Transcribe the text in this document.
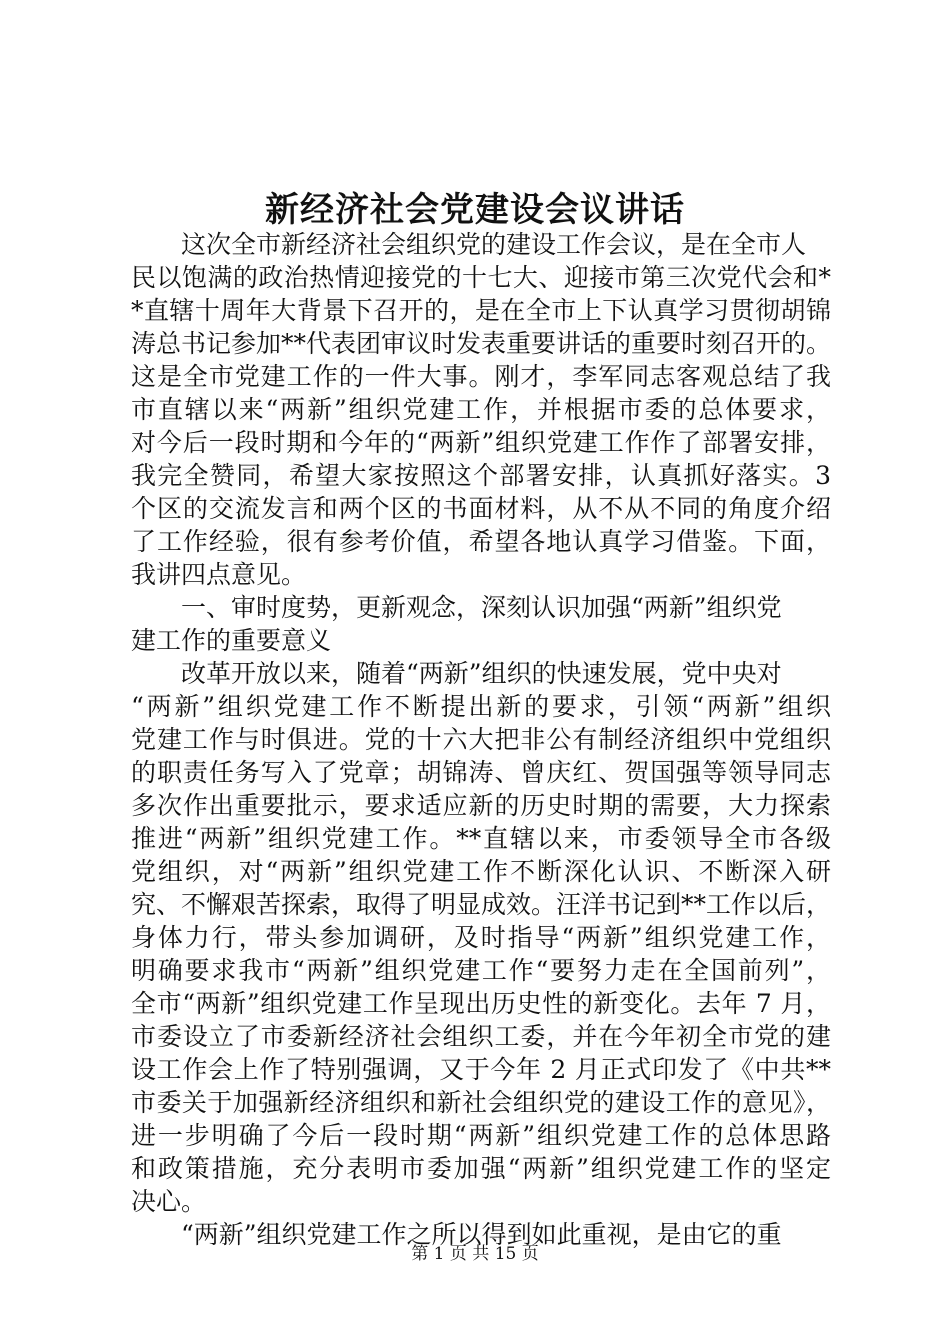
新经济社会党建设会议讲话
这次全市新经济社会组织党的建设工作会议，是在全市人
民以饱满的政治热情迎接党的十七大、迎接市第三次党代会和*
*直辖十周年大背景下召开的，是在全市上下认真学习贯彻胡锦
涛总书记参加**代表团审议时发表重要讲话的重要时刻召开的。
这是全市党建工作的一件大事。刚才，李军同志客观总结了我
市直辖以来“两新”组织党建工作，并根据市委的总体要求，
对今后一段时期和今年的“两新”组织党建工作作了部署安排，
我完全赞同，希望大家按照这个部署安排，认真抓好落实。3
个区的交流发言和两个区的书面材料，从不从不同的角度介绍
了工作经验，很有参考价值，希望各地认真学习借鉴。下面，
我讲四点意见。
一、审时度势，更新观念，深刻认识加强“两新”组织党
建工作的重要意义
改革开放以来，随着“两新”组织的快速发展，党中央对
“两新”组织党建工作不断提出新的要求，引领“两新”组织
党建工作与时俱进。党的十六大把非公有制经济组织中党组织
的职责任务写入了党章；胡锦涛、曾庆红、贺国强等领导同志
多次作出重要批示，要求适应新的历史时期的需要，大力探索
推进“两新”组织党建工作。**直辖以来，市委领导全市各级
党组织，对“两新”组织党建工作不断深化认识、不断深入研
究、不懈艰苦探索，取得了明显成效。汪洋书记到**工作以后，
身体力行，带头参加调研，及时指导“两新”组织党建工作，
明确要求我市“两新”组织党建工作“要努力走在全国前列”，
全市“两新”组织党建工作呈现出历史性的新变化。去年 7 月，
市委设立了市委新经济社会组织工委，并在今年初全市党的建
设工作会上作了特别强调，又于今年 2 月正式印发了《中共**
市委关于加强新经济组织和新社会组织党的建设工作的意见》，
进一步明确了今后一段时期“两新”组织党建工作的总体思路
和政策措施，充分表明市委加强“两新”组织党建工作的坚定
决心。
“两新”组织党建工作之所以得到如此重视，是由它的重
第 1 页 共 15 页
